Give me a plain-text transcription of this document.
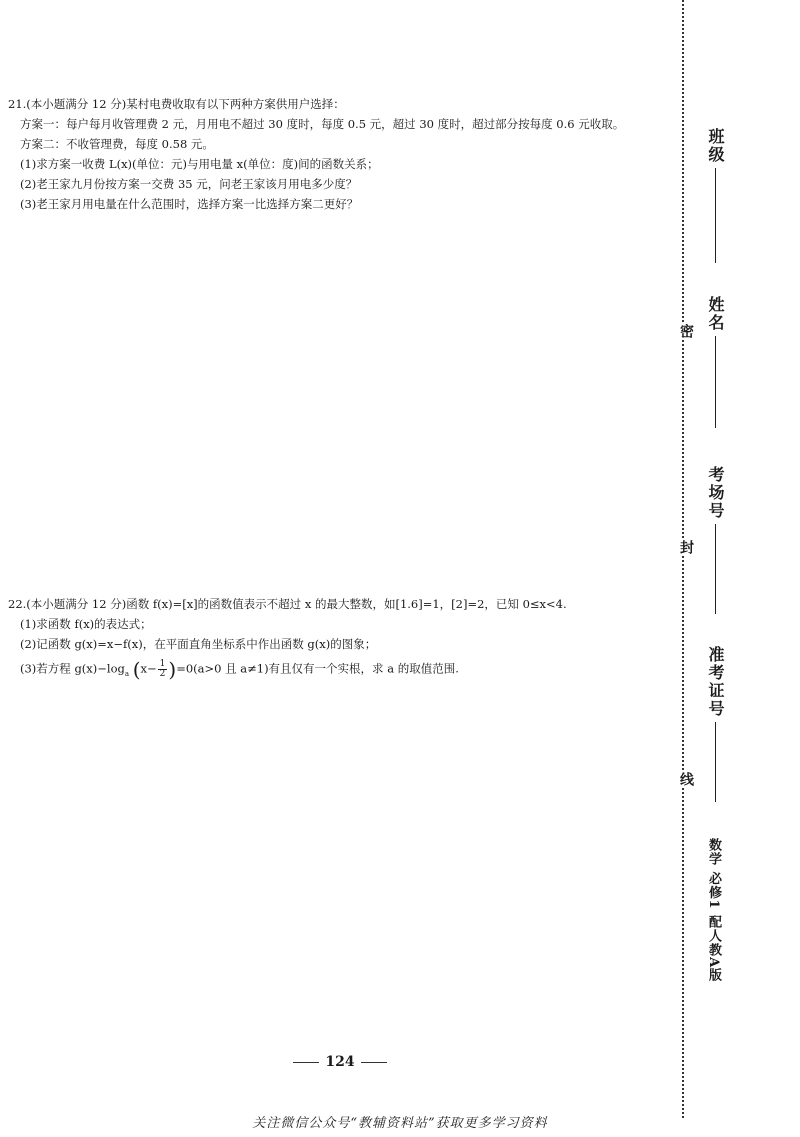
21.(本小题满分 12 分)某村电费收取有以下两种方案供用户选择：
方案一：每户每月收管理费 2 元，月用电不超过 30 度时，每度 0.5 元，超过 30 度时，超过部分按每度 0.6 元收取。
方案二：不收管理费，每度 0.58 元。
(1)求方案一收费 L(x)(单位：元)与用电量 x(单位：度)间的函数关系；
(2)老王家九月份按方案一交费 35 元，问老王家该月用电多少度？
(3)老王家月用电量在什么范围时，选择方案一比选择方案二更好？
22.(本小题满分 12 分)函数 f(x)=[x]的函数值表示不超过 x 的最大整数，如[1.6]=1，[2]=2，已知 0≤x<4.
(1)求函数 f(x)的表达式；
(2)记函数 g(x)=x−f(x)，在平面直角坐标系中作出函数 g(x)的图象；
(3)若方程 $g(x)-\log_a$ $(x- \frac{1}{2} )=0(a>0$ 且 a≠1)有且仅有一个实根，求 a 的取值范围.
密
封
线
班级
姓名
考场号
准考证号
数学 必修1 配人教A版
124
关注微信公众号“教辅资料站”获取更多学习资料
